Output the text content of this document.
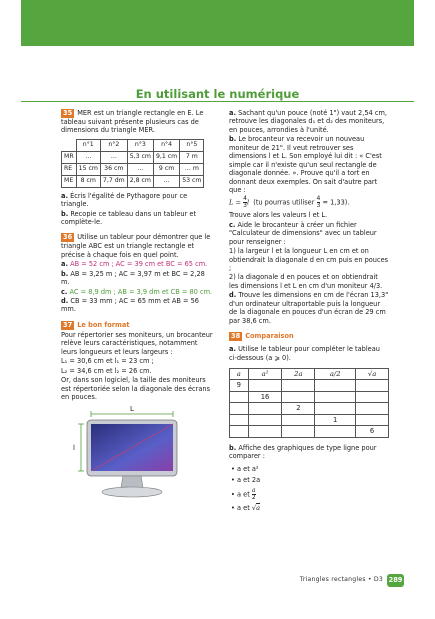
En utilisant le numérique

35 MER est un triangle rectangle en E. Le tableau suivant présente plusieurs cas de dimensions du triangle MER.

	n°1	n°2	n°3	n°4	n°5
MR	…	…	5,3 cm	9,1 cm	7 m
RE	15 cm	36 cm	…	9 cm	… m
ME	8 cm	7,7 dm	2,8 cm	…	53 cm

a. Écris l'égalité de Pythagore pour ce triangle.

b. Recopie ce tableau dans un tableur et complète-le.

36 Utilise un tableur pour démontrer que le triangle ABC est un triangle rectangle et précise à chaque fois en quel point.

a. AB = 52 cm ; AC = 39 cm et BC = 65 cm.

b. AB = 3,25 m ; AC = 3,97 m et BC = 2,28 m.

c. AC = 8,9 dm ; AB = 3,9 dm et CB = 80 cm.

d. CB = 33 mm ; AC = 65 mm et AB = 56 mm.

37 Le bon format

Pour répertorier ses moniteurs, un brocanteur relève leurs caractéristiques, notamment leurs longueurs et leurs largeurs :

L₁ = 30,6 cm et l₁ = 23 cm ;

L₂ = 34,6 cm et l₂ = 26 cm.

Or, dans son logiciel, la taille des moniteurs est répertoriée selon la diagonale des écrans en pouces.

L
l

a. Sachant qu'un pouce (noté 1") vaut 2,54 cm, retrouve les diagonales d₁ et d₂ des moniteurs, en pouces, arrondies à l'unité.

b. Le brocanteur va recevoir un nouveau moniteur de 21". Il veut retrouver ses dimensions l et L. Son employé lui dit : « C'est simple car il n'existe qu'un seul rectangle de diagonale donnée. ». Prouve qu'il a tort en donnant deux exemples. On sait d'autre part que :

$L = \frac{4}{3}$ l (tu pourras utiliser $\frac{4}{3} = 1,33$).

Trouve alors les valeurs l et L.

c. Aide le brocanteur à créer un fichier "Calculateur de dimensions" avec un tableur pour renseigner :

1) la largeur l et la longueur L en cm et on obtiendrait la diagonale d en cm puis en pouces ;

2) la diagonale d en pouces et on obtiendrait les dimensions l et L en cm d'un moniteur 4/3.

d. Trouve les dimensions en cm de l'écran 13,3" d'un ordinateur ultraportable puis la longueur de la diagonale en pouces d'un écran de 29 cm par 38,6 cm.

38 Comparaison

a. Utilise le tableur pour compléter le tableau ci-dessous (a ⩾ 0).

a	a²	2a	a/2	√a
9				
	16			
		2		
			1	
				6

b. Affiche des graphiques de type ligne pour comparer :

• a et a²

• a et 2a

• a et $\frac{a}{2}$

• a et √a

Triangles rectangles • D3 289
